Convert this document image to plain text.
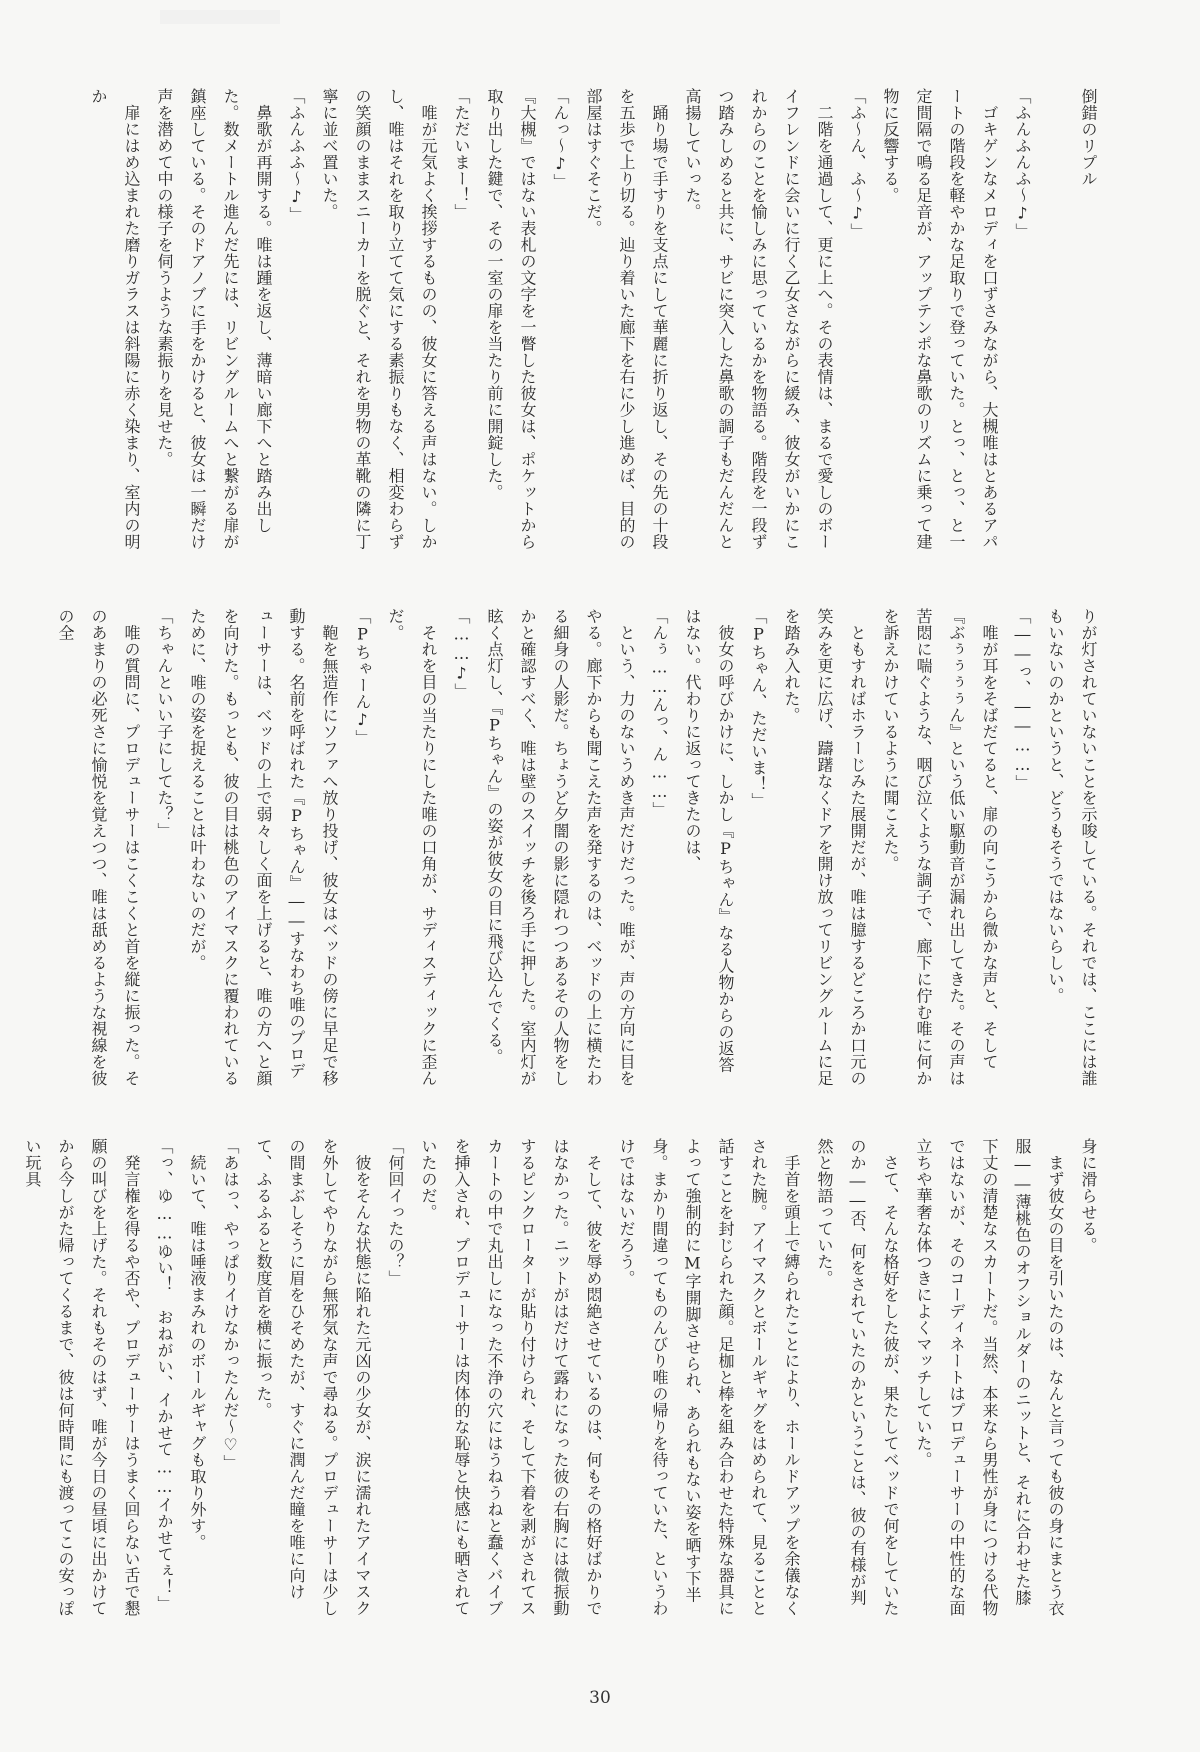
倒錯のリプル

「ふんふんふ〜♪」
　ゴキゲンなメロディを口ずさみながら、大槻唯はとあるアパートの階段を軽やかな足取りで登っていた。とっ、とっ、と一定間隔で鳴る足音が、アップテンポな鼻歌のリズムに乗って建物に反響する。
「ふ〜ん、ふ〜♪」
　二階を通過して、更に上へ。その表情は、まるで愛しのボーイフレンドに会いに行く乙女さながらに緩み、彼女がいかにこれからのことを愉しみに思っているかを物語る。階段を一段ずつ踏みしめると共に、サビに突入した鼻歌の調子もだんだんと高揚していった。
　踊り場で手すりを支点にして華麗に折り返し、その先の十段を五歩で上り切る。辿り着いた廊下を右に少し進めば、目的の部屋はすぐそこだ。
「んっ〜♪」
『大槻』ではない表札の文字を一瞥した彼女は、ポケットから取り出した鍵で、その一室の扉を当たり前に開錠した。
「ただいまー！」
　唯が元気よく挨拶するものの、彼女に答える声はない。しかし、唯はそれを取り立てて気にする素振りもなく、相変わらずの笑顔のままスニーカーを脱ぐと、それを男物の革靴の隣に丁寧に並べ置いた。
「ふんふふ〜♪」
　鼻歌が再開する。唯は踵を返し、薄暗い廊下へと踏み出した。数メートル進んだ先には、リビングルームへと繋がる扉が鎮座している。そのドアノブに手をかけると、彼女は一瞬だけ声を潜めて中の様子を伺うような素振りを見せた。
　扉にはめ込まれた磨りガラスは斜陽に赤く染まり、室内の明か

りが灯されていないことを示唆している。それでは、ここには誰もいないのかというと、どうもそうではないらしい。
「――っ、――……」
　唯が耳をそばだてると、扉の向こうから微かな声と、そして『ぶぅぅぅぅん』という低い駆動音が漏れ出してきた。その声は苦悶に喘ぐような、咽び泣くような調子で、廊下に佇む唯に何かを訴えかけているように聞こえた。
　ともすればホラーじみた展開だが、唯は臆するどころか口元の笑みを更に広げ、躊躇なくドアを開け放ってリビングルームに足を踏み入れた。
「Pちゃん、ただいま！」
　彼女の呼びかけに、しかし『Pちゃん』なる人物からの返答はない。代わりに返ってきたのは、
「んぅ……んっ、ん……」
　という、力のないうめき声だけだった。唯が、声の方向に目をやる。廊下からも聞こえた声を発するのは、ベッドの上に横たわる細身の人影だ。ちょうど夕闇の影に隠れつつあるその人物をしかと確認すべく、唯は壁のスイッチを後ろ手に押した。室内灯が眩く点灯し、『Pちゃん』の姿が彼女の目に飛び込んでくる。
「……♪」
　それを目の当たりにした唯の口角が、サディスティックに歪んだ。
「Pちゃーん♪」
　鞄を無造作にソファへ放り投げ、彼女はベッドの傍に早足で移動する。名前を呼ばれた『Pちゃん』――すなわち唯のプロデューサーは、ベッドの上で弱々しく面を上げると、唯の方へと顔を向けた。もっとも、彼の目は桃色のアイマスクに覆われているために、唯の姿を捉えることは叶わないのだが。
「ちゃんといい子にしてた？」
　唯の質問に、プロデューサーはこくこくと首を縦に振った。そのあまりの必死さに愉悦を覚えつつ、唯は舐めるような視線を彼の全

身に滑らせる。
　まず彼女の目を引いたのは、なんと言っても彼の身にまとう衣服――薄桃色のオフショルダーのニットと、それに合わせた膝下丈の清楚なスカートだ。当然、本来なら男性が身につける代物ではないが、そのコーディネートはプロデューサーの中性的な面立ちや華奢な体つきによくマッチしていた。
　さて、そんな格好をした彼が、果たしてベッドで何をしていたのか――否、何をされていたのかということは、彼の有様が判然と物語っていた。
　手首を頭上で縛られたことにより、ホールドアップを余儀なくされた腕。アイマスクとボールギャグをはめられて、見ることと話すことを封じられた顔。足枷と棒を組み合わせた特殊な器具によって強制的にM字開脚させられ、あられもない姿を晒す下半身。まかり間違ってものんびり唯の帰りを待っていた、というわけではないだろう。
　そして、彼を辱め悶絶させているのは、何もその格好ばかりではなかった。ニットがはだけて露わになった彼の右胸には微振動するピンクローターが貼り付けられ、そして下着を剥がされてスカートの中で丸出しになった不浄の穴にはうねうねと蠢くバイブを挿入され、プロデューサーは肉体的な恥辱と快感にも晒されていたのだ。
「何回イったの？」
　彼をそんな状態に陥れた元凶の少女が、涙に濡れたアイマスクを外してやりながら無邪気な声で尋ねる。プロデューサーは少しの間まぶしそうに眉をひそめたが、すぐに潤んだ瞳を唯に向けて、ふるふると数度首を横に振った。
「あはっ、やっぱりイけなかったんだ〜♡」
　続いて、唯は唾液まみれのボールギャグも取り外す。
「っ、ゆ……ゆい！　おねがい、イかせて……イかせてぇ！」
　発言権を得るや否や、プロデューサーはうまく回らない舌で懇願の叫びを上げた。それもそのはず、唯が今日の昼頃に出かけてから今しがた帰ってくるまで、彼は何時間にも渡ってこの安っぽい玩具

30
